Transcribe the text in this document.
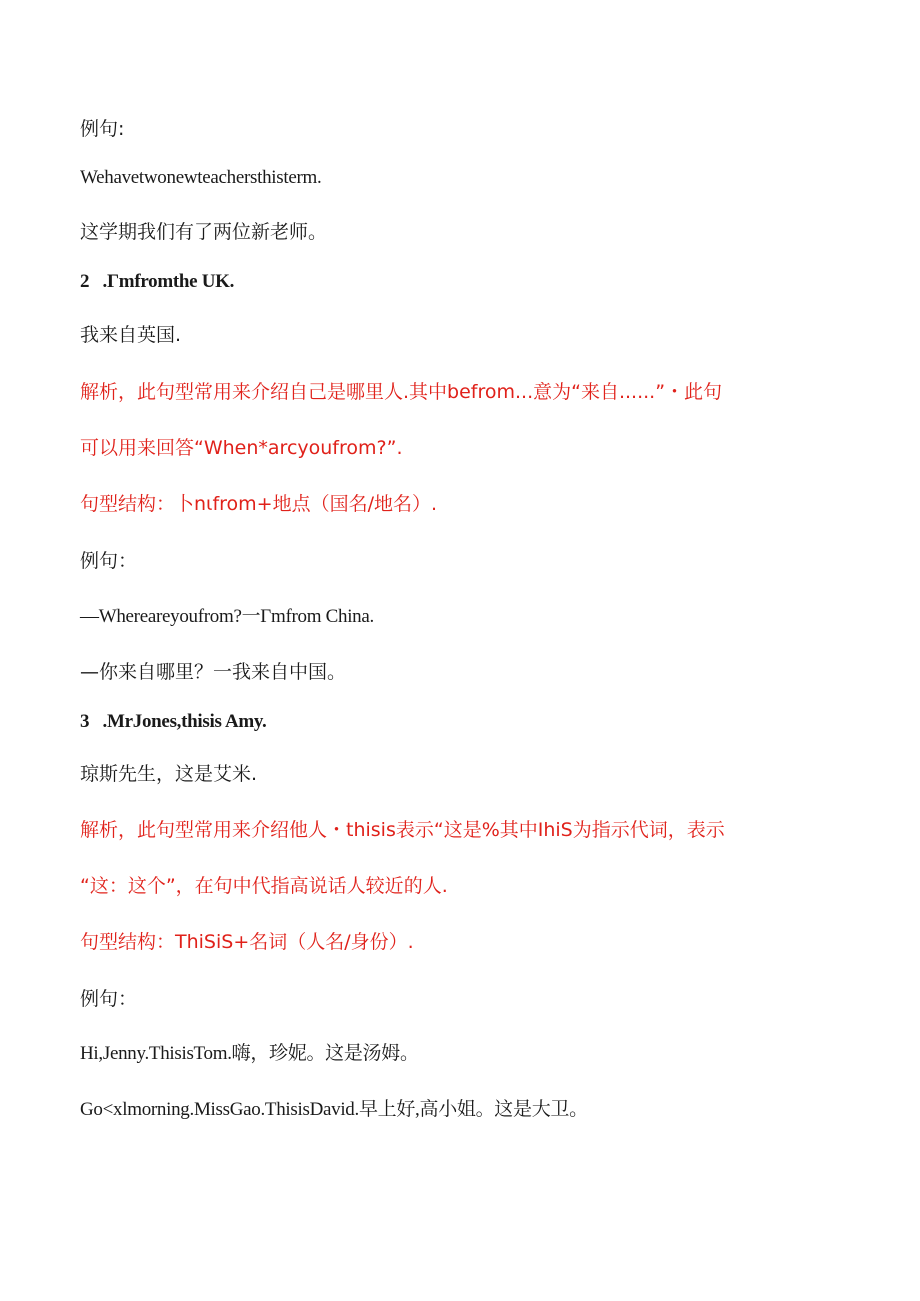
例句:
Wehavetwonewteachersthisterm.
这学期我们有了两位新老师。
2   .Γmfromthe UK.
我来自英国.
解析，此句型常用来介绍自己是哪里人.其中befrom...意为“来自......”・此句
可以用来回答“When*arcyoufrom?”.
句型结构：卜nιfrom+地点（国名/地名）.
例句：
—Whereareyoufrom?一Γmfrom China.
—你来自哪里？一我来自中国。
3   .MrJones,thisis Amy.
琼斯先生，这是艾米.
解析，此句型常用来介绍他人・thisis表示“这是%其中IhiS为指示代词，表示
“这：这个”，在句中代指高说话人较近的人.
句型结构：ThiSiS+名词（人名/身份）.
例句：
Hi,Jenny.ThisisTom.嗨，珍妮。这是汤姆。
Go<xlmorning.MissGao.ThisisDavid.早上好,高小姐。这是大卫。
